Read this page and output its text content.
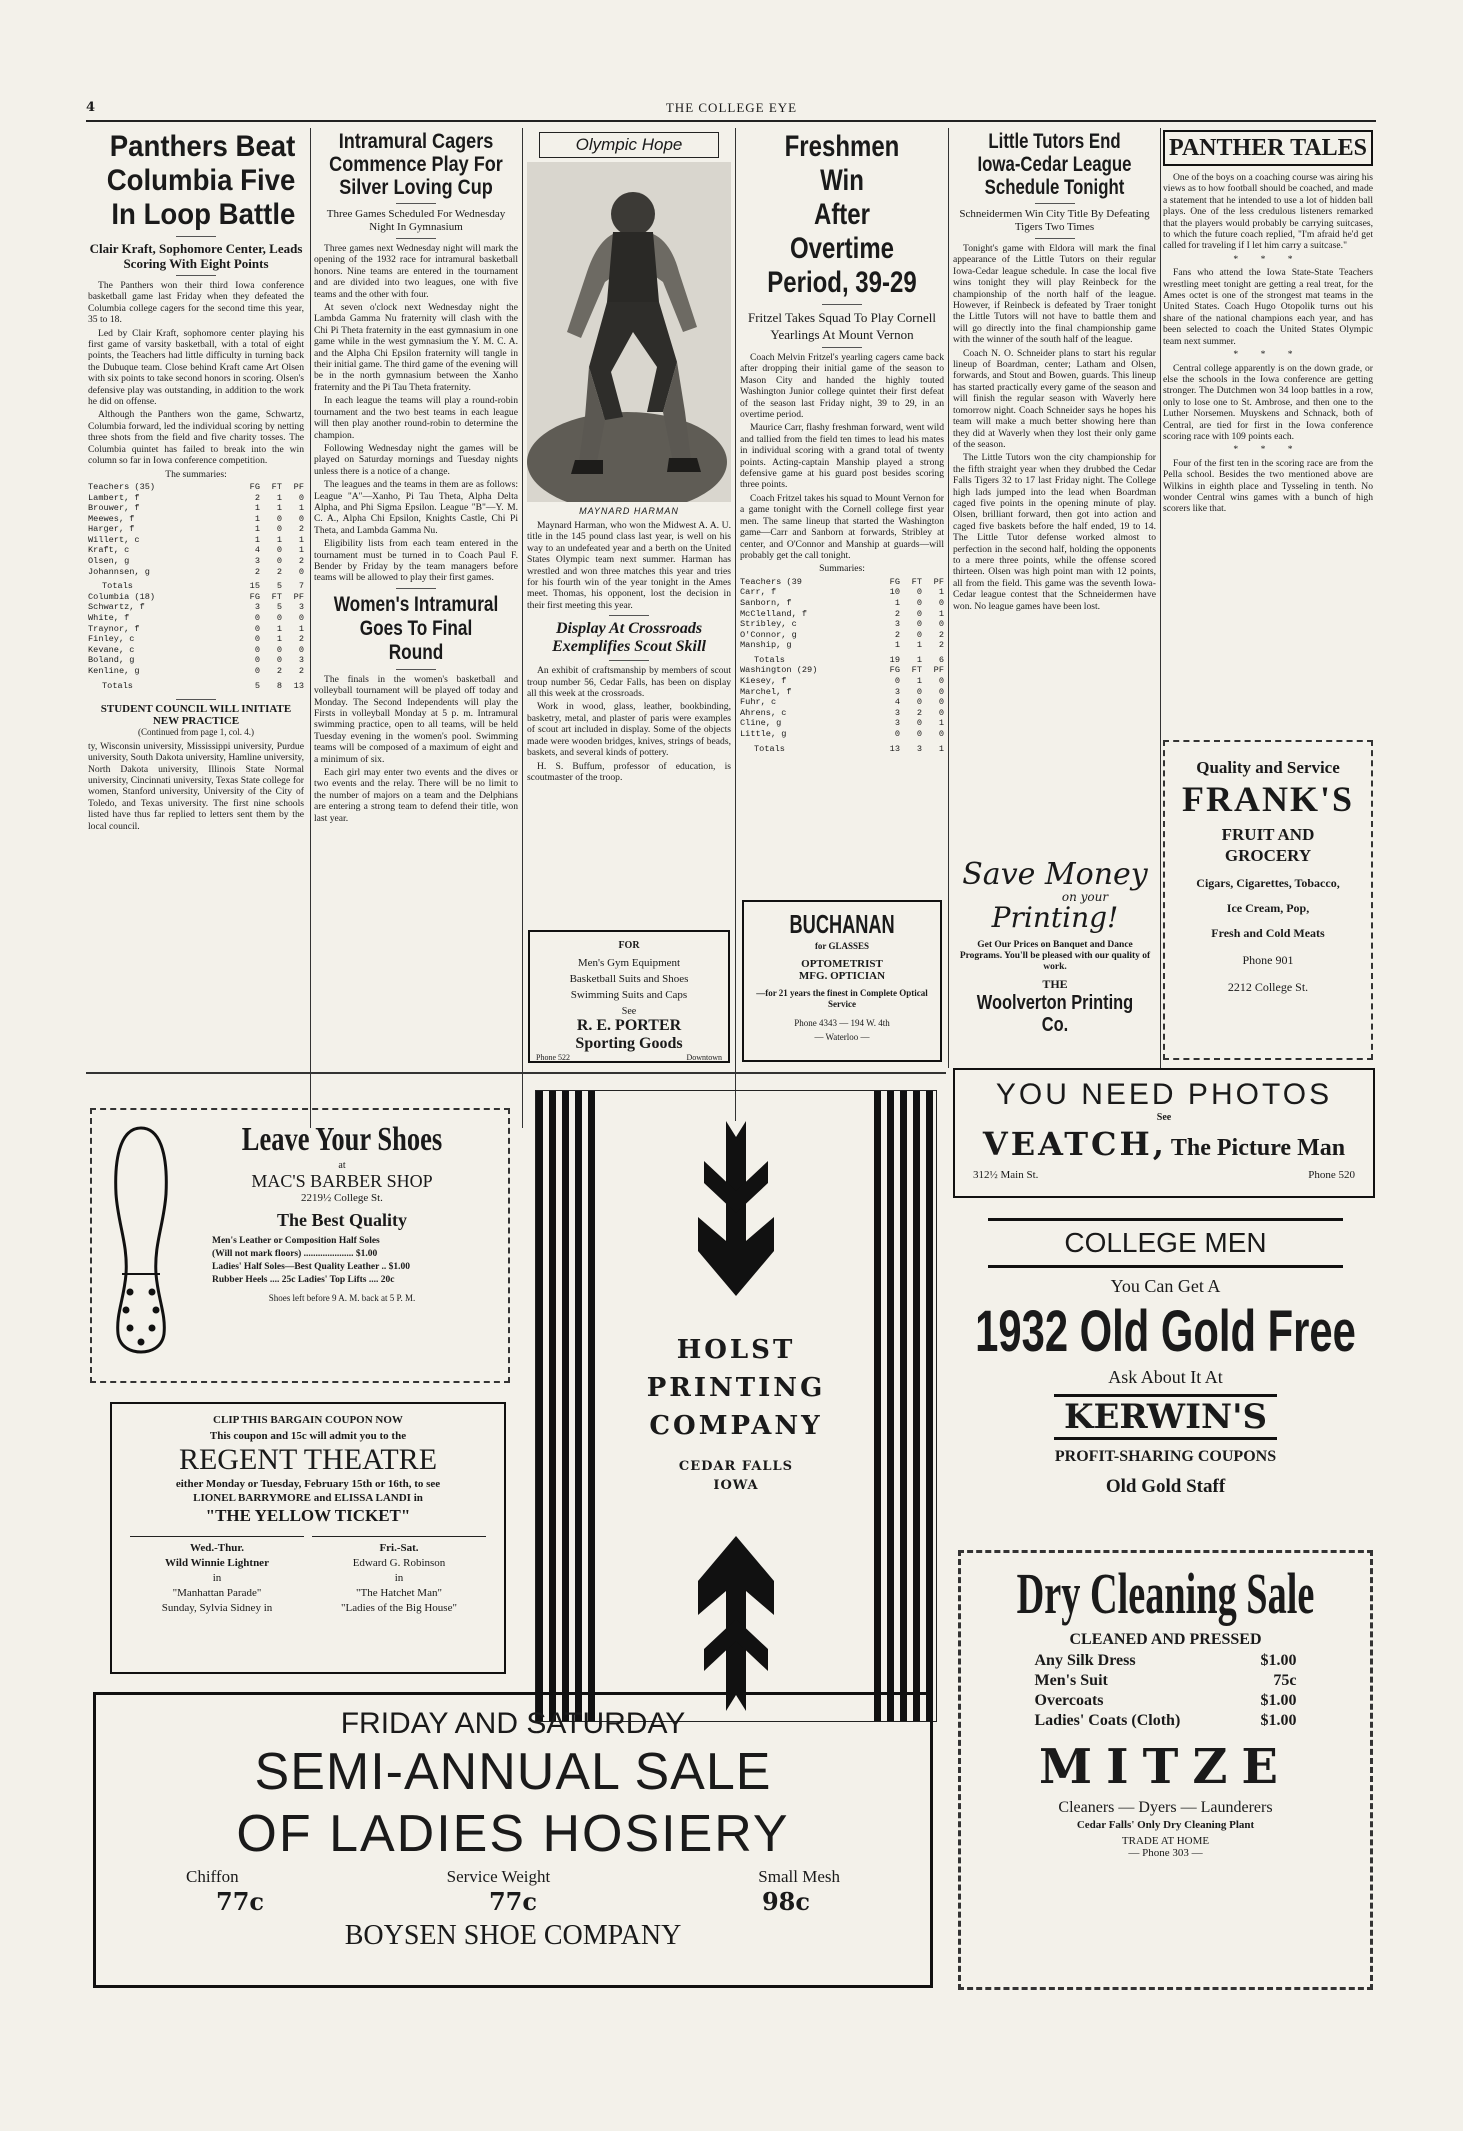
4	THE COLLEGE EYE
Panthers Beat
Columbia Five
In Loop Battle
Clair Kraft, Sophomore Center, Leads Scoring With Eight Points

The Panthers won their third Iowa conference basketball game last Friday when they defeated the Columbia college cagers for the second time this year, 35 to 18.

Led by Clair Kraft, sophomore center playing his first game of varsity basketball, with a total of eight points, the Teachers had little difficulty in turning back the Dubuque team. Close behind Kraft came Art Olsen with six points to take second honors in scoring. Olsen's defensive play was outstanding, in addition to the work he did on offense.

Although the Panthers won the game, Schwartz, Columbia forward, led the individual scoring by netting three shots from the field and five charity tosses. The Columbia quintet has failed to break into the win column so far in Iowa conference competition.

The summaries:
Teachers (35)	FG	FT	PF
Lambert, f	2	1	0
Brouwer, f	1	1	1
Meewes, f	1	0	0
Harger, f	1	0	2
Willert, c	1	1	1
Kraft, c	4	0	1
Olsen, g	3	0	2
Johannsen, g	2	2	0

Totals	15	5	7
Columbia (18)	FG	FT	PF
Schwartz, f	3	5	3
White, f	0	0	0
Traynor, f	0	1	1
Finley, c	0	1	2
Kevane, c	0	0	0
Boland, g	0	0	3
Kenline, g	0	2	2

Totals	5	8	13
STUDENT COUNCIL WILL INITIATE NEW PRACTICE
(Continued from page 1, col. 4.)

ty, Wisconsin university, Mississippi university, Purdue university, South Dakota university, Hamline university, North Dakota university, Illinois State Normal university, Cincinnati university, Texas State college for women, Stanford university, University of the City of Toledo, and Texas university. The first nine schools listed have thus far replied to letters sent them by the local council.

Intramural Cagers
Commence Play For
Silver Loving Cup
Three Games Scheduled For Wednesday Night In Gymnasium

Three games next Wednesday night will mark the opening of the 1932 race for intramural basketball honors. Nine teams are entered in the tournament and are divided into two leagues, one with five teams and the other with four.

At seven o'clock next Wednesday night the Lambda Gamma Nu fraternity will clash with the Chi Pi Theta fraternity in the east gymnasium in one game while in the west gymnasium the Y. M. C. A. and the Alpha Chi Epsilon fraternity will tangle in their initial game. The third game of the evening will be in the north gymnasium between the Xanho fraternity and the Pi Tau Theta fraternity.

In each league the teams will play a round-robin tournament and the two best teams in each league will then play another round-robin to determine the champion.

Following Wednesday night the games will be played on Saturday mornings and Tuesday nights unless there is a notice of a change.

The leagues and the teams in them are as follows: League "A"—Xanho, Pi Tau Theta, Alpha Delta Alpha, and Phi Sigma Epsilon. League "B"—Y. M. C. A., Alpha Chi Epsilon, Knights Castle, Chi Pi Theta, and Lambda Gamma Nu.

Eligibility lists from each team entered in the tournament must be turned in to Coach Paul F. Bender by Friday by the team managers before teams will be allowed to play their first games.

Women's Intramural
Goes To Final Round

The finals in the women's basketball and volleyball tournament will be played off today and Monday. The Second Independents will play the Firsts in volleyball Monday at 5 p. m. Intramural swimming practice, open to all teams, will be held Tuesday evening in the women's pool. Swimming teams will be composed of a maximum of eight and a minimum of six.

Each girl may enter two events and the dives or two events and the relay. There will be no limit to the number of majors on a team and the Delphians are entering a strong team to defend their title, won last year.

Olympic Hope
MAYNARD HARMAN

Maynard Harman, who won the Midwest A. A. U. title in the 145 pound class last year, is well on his way to an undefeated year and a berth on the United States Olympic team next summer. Harman has wrestled and won three matches this year and tries for his fourth win of the year tonight in the Ames meet. Thomas, his opponent, lost the decision in their first meeting this year.

Display At Crossroads
Exemplifies Scout Skill

An exhibit of craftsmanship by members of scout troup number 56, Cedar Falls, has been on display all this week at the crossroads.

Work in wood, glass, leather, bookbinding, basketry, metal, and plaster of paris were examples of scout art included in display. Some of the objects made were wooden bridges, knives, strings of beads, baskets, and several kinds of pottery.

H. S. Buffum, professor of education, is scoutmaster of the troop.

FOR
Men's Gym Equipment
Basketball Suits and Shoes
Swimming Suits and Caps
See
R. E. PORTER
Sporting Goods
Phone 522	Downtown
Freshmen Win
After Overtime
Period, 39-29
Fritzel Takes Squad To Play Cornell Yearlings At Mount Vernon

Coach Melvin Fritzel's yearling cagers came back after dropping their initial game of the season to Mason City and handed the highly touted Washington Junior college quintet their first defeat of the season last Friday night, 39 to 29, in an overtime period.

Maurice Carr, flashy freshman forward, went wild and tallied from the field ten times to lead his mates in individual scoring with a grand total of twenty points. Acting-captain Manship played a strong defensive game at his guard post besides scoring three points.

Coach Fritzel takes his squad to Mount Vernon for a game tonight with the Cornell college first year men. The same lineup that started the Washington game—Carr and Sanborn at forwards, Stribley at center, and O'Connor and Manship at guards—will probably get the call tonight.

Summaries:
Teachers (39	FG	FT	PF
Carr, f	10	0	1
Sanborn, f	1	0	0
McClelland, f	2	0	1
Stribley, c	3	0	0
O'Connor, g	2	0	2
Manship, g	1	1	2

Totals	19	1	6
Washington (29)	FG	FT	PF
Kiesey, f	0	1	0
Marchel, f	3	0	0
Fuhr, c	4	0	0
Ahrens, c	3	2	0
Cline, g	3	0	1
Little, g	0	0	0

Totals	13	3	1
BUCHANAN
for GLASSES
OPTOMETRIST
MFG. OPTICIAN
—for 21 years the finest in Complete Optical Service
Phone 4343 — 194 W. 4th
— Waterloo —
Little Tutors End
Iowa-Cedar League
Schedule Tonight
Schneidermen Win City Title By Defeating Tigers Two Times

Tonight's game with Eldora will mark the final appearance of the Little Tutors on their regular Iowa-Cedar league schedule. In case the local five wins tonight they will play Reinbeck for the championship of the north half of the league. However, if Reinbeck is defeated by Traer tonight the Little Tutors will not have to battle them and will go directly into the final championship game with the winner of the south half of the league.

Coach N. O. Schneider plans to start his regular lineup of Boardman, center; Latham and Olsen, forwards, and Stout and Bowen, guards. This lineup has started practically every game of the season and will finish the regular season with Waverly here tomorrow night. Coach Schneider says he hopes his team will make a much better showing here than they did at Waverly when they lost their only game of the season.

The Little Tutors won the city championship for the fifth straight year when they drubbed the Cedar Falls Tigers 32 to 17 last Friday night. The College high lads jumped into the lead when Boardman caged five points in the opening minute of play. Olsen, brilliant forward, then got into action and caged five baskets before the half ended, 19 to 14. The Little Tutor defense worked almost to perfection in the second half, holding the opponents to a mere three points, while the offense scored thirteen. Olsen was high point man with 12 points, all from the field. This game was the seventh Iowa-Cedar league contest that the Schneidermen have won. No league games have been lost.

Save Money
on your
Printing!
Get Our Prices on Banquet and Dance Programs. You'll be pleased with our quality of work.
THE
Woolverton Printing Co.
PANTHER TALES

One of the boys on a coaching course was airing his views as to how football should be coached, and made a statement that he intended to use a lot of hidden ball plays. One of the less credulous listeners remarked that the players would probably be carrying suitcases, to which the future coach replied, "I'm afraid he'd get called for traveling if I let him carry a suitcase."

* * *

Fans who attend the Iowa State-State Teachers wrestling meet tonight are getting a real treat, for the Ames octet is one of the strongest mat teams in the United States. Coach Hugo Otopolik turns out his share of the national champions each year, and has been selected to coach the United States Olympic team next summer.

* * *

Central college apparently is on the down grade, or else the schools in the Iowa conference are getting stronger. The Dutchmen won 34 loop battles in a row, only to lose one to St. Ambrose, and then one to the Luther Norsemen. Muyskens and Schnack, both of Central, are tied for first in the Iowa conference scoring race with 109 points each.

* * *

Four of the first ten in the scoring race are from the Pella school. Besides the two mentioned above are Wilkins in eighth place and Tysseling in tenth. No wonder Central wins games with a bunch of high scorers like that.

Quality and Service
FRANK'S
FRUIT AND GROCERY
Cigars, Cigarettes, Tobacco,
Ice Cream, Pop,
Fresh and Cold Meats
Phone 901
2212 College St.
YOU NEED PHOTOS
See
VEATCH, The Picture Man
312½ Main St.	Phone 520
Leave Your Shoes
at
MAC'S BARBER SHOP
2219½ College St.
The Best Quality
Men's Leather or Composition Half Soles
(Will not mark floors) ..................... $1.00
Ladies' Half Soles—Best Quality Leather .. $1.00
Rubber Heels .... 25c Ladies' Top Lifts .... 20c
Shoes left before 9 A. M. back at 5 P. M.
CLIP THIS BARGAIN COUPON NOW
This coupon and 15c will admit you to the
REGENT THEATRE
either Monday or Tuesday, February 15th or 16th, to see
LIONEL BARRYMORE and ELISSA LANDI in
"THE YELLOW TICKET"
Wed.-Thur.
Wild Winnie Lightner
in
"Manhattan Parade"
Sunday, Sylvia Sidney in
Fri.-Sat.
Edward G. Robinson
in
"The Hatchet Man"
"Ladies of the Big House"
HOLST
PRINTING
COMPANY
CEDAR FALLS
IOWA
COLLEGE MEN
You Can Get A
1932 Old Gold Free
Ask About It At
KERWIN'S
PROFIT-SHARING COUPONS
Old Gold Staff
FRIDAY AND SATURDAY
SEMI-ANNUAL SALE
OF LADIES HOSIERY
Chiffon	Service Weight	Small Mesh
77c	77c	98c
BOYSEN SHOE COMPANY
Dry Cleaning Sale
CLEANED AND PRESSED
Any Silk Dress	$1.00
Men's Suit	75c
Overcoats	$1.00
Ladies' Coats (Cloth)	$1.00
MITZE
Cleaners — Dyers — Launderers
Cedar Falls' Only Dry Cleaning Plant
TRADE AT HOME
— Phone 303 —
